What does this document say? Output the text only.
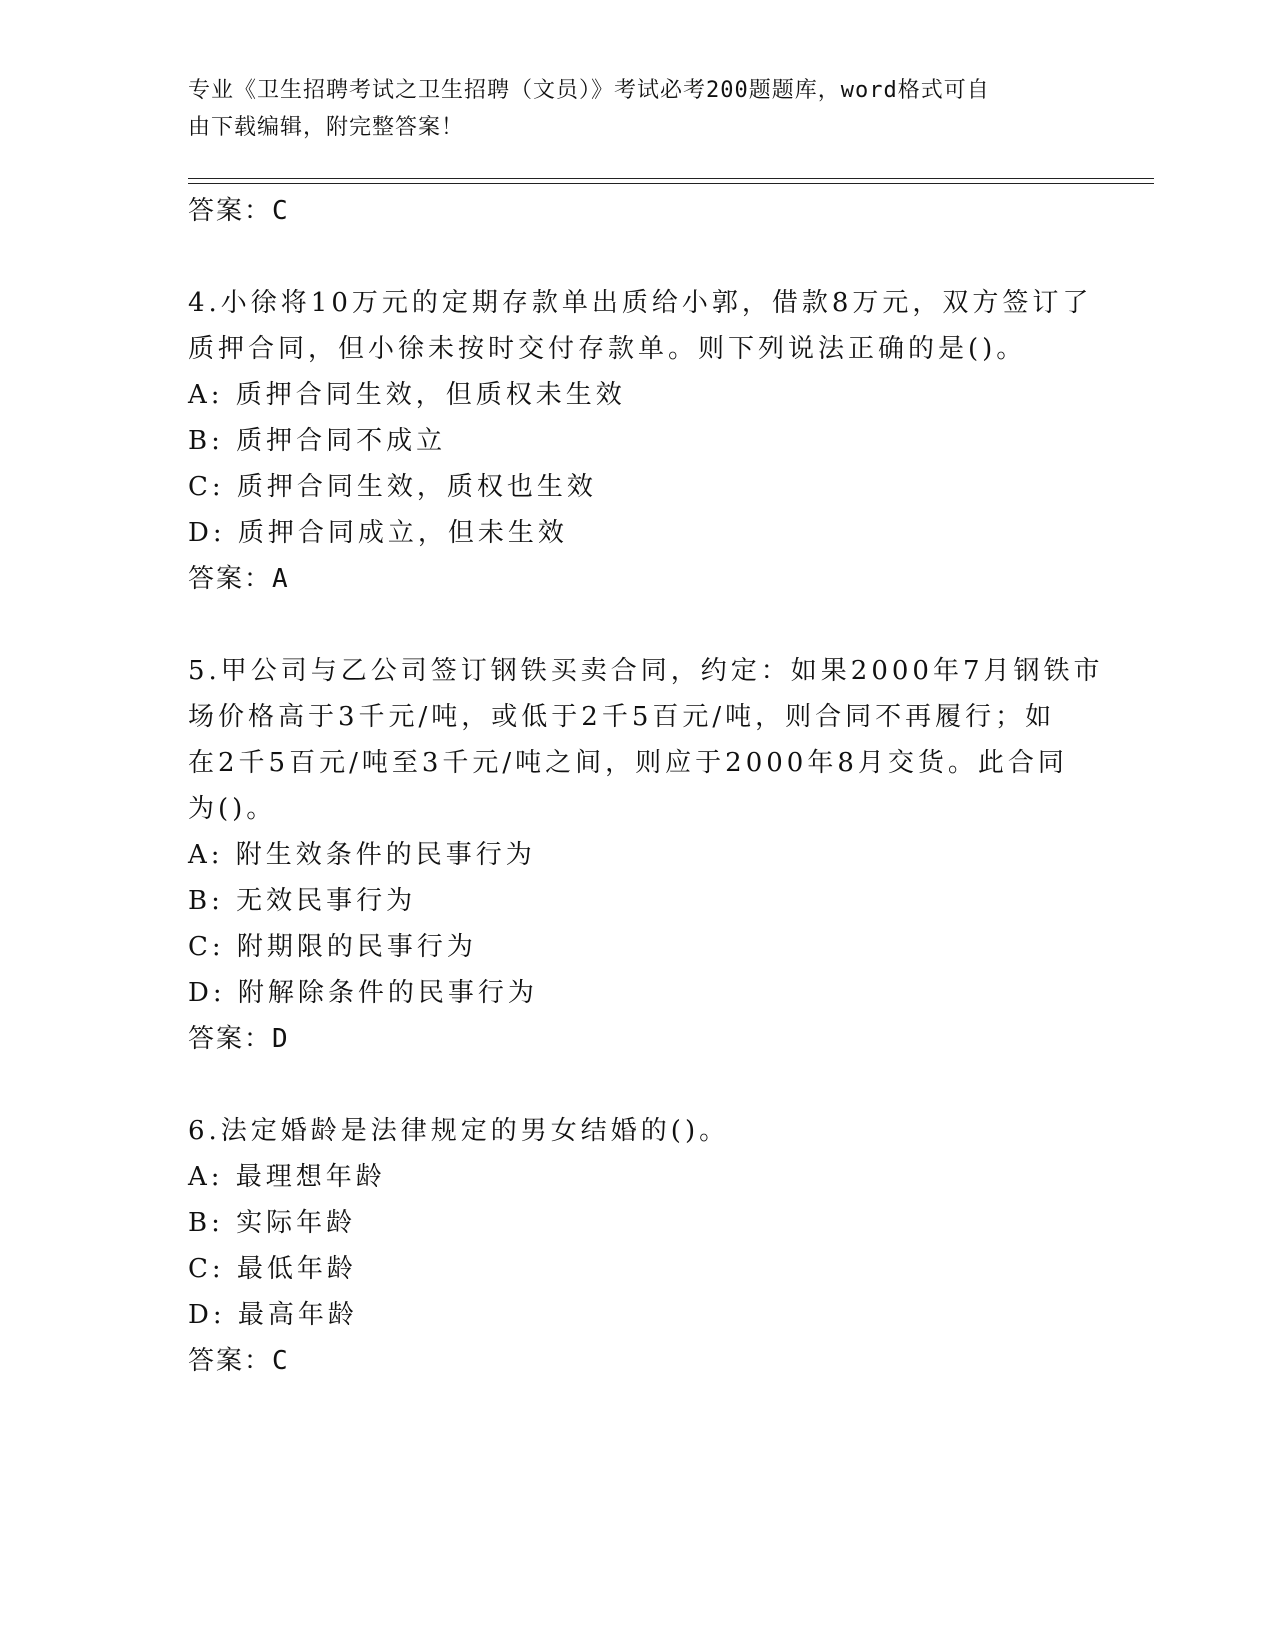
专业《卫生招聘考试之卫生招聘（文员）》考试必考200题题库，word格式可自
由下载编辑，附完整答案！
答案：C
4.小徐将10万元的定期存款单出质给小郭，借款8万元，双方签订了
质押合同，但小徐未按时交付存款单。则下列说法正确的是()。
A: 质押合同生效，但质权未生效
B: 质押合同不成立
C: 质押合同生效，质权也生效
D: 质押合同成立，但未生效
答案：A
5.甲公司与乙公司签订钢铁买卖合同，约定：如果2000年7月钢铁市
场价格高于3千元/吨，或低于2千5百元/吨，则合同不再履行；如
在2千5百元/吨至3千元/吨之间，则应于2000年8月交货。此合同
为()。
A: 附生效条件的民事行为
B: 无效民事行为
C: 附期限的民事行为
D: 附解除条件的民事行为
答案：D
6.法定婚龄是法律规定的男女结婚的()。
A: 最理想年龄
B: 实际年龄
C: 最低年龄
D: 最高年龄
答案：C
